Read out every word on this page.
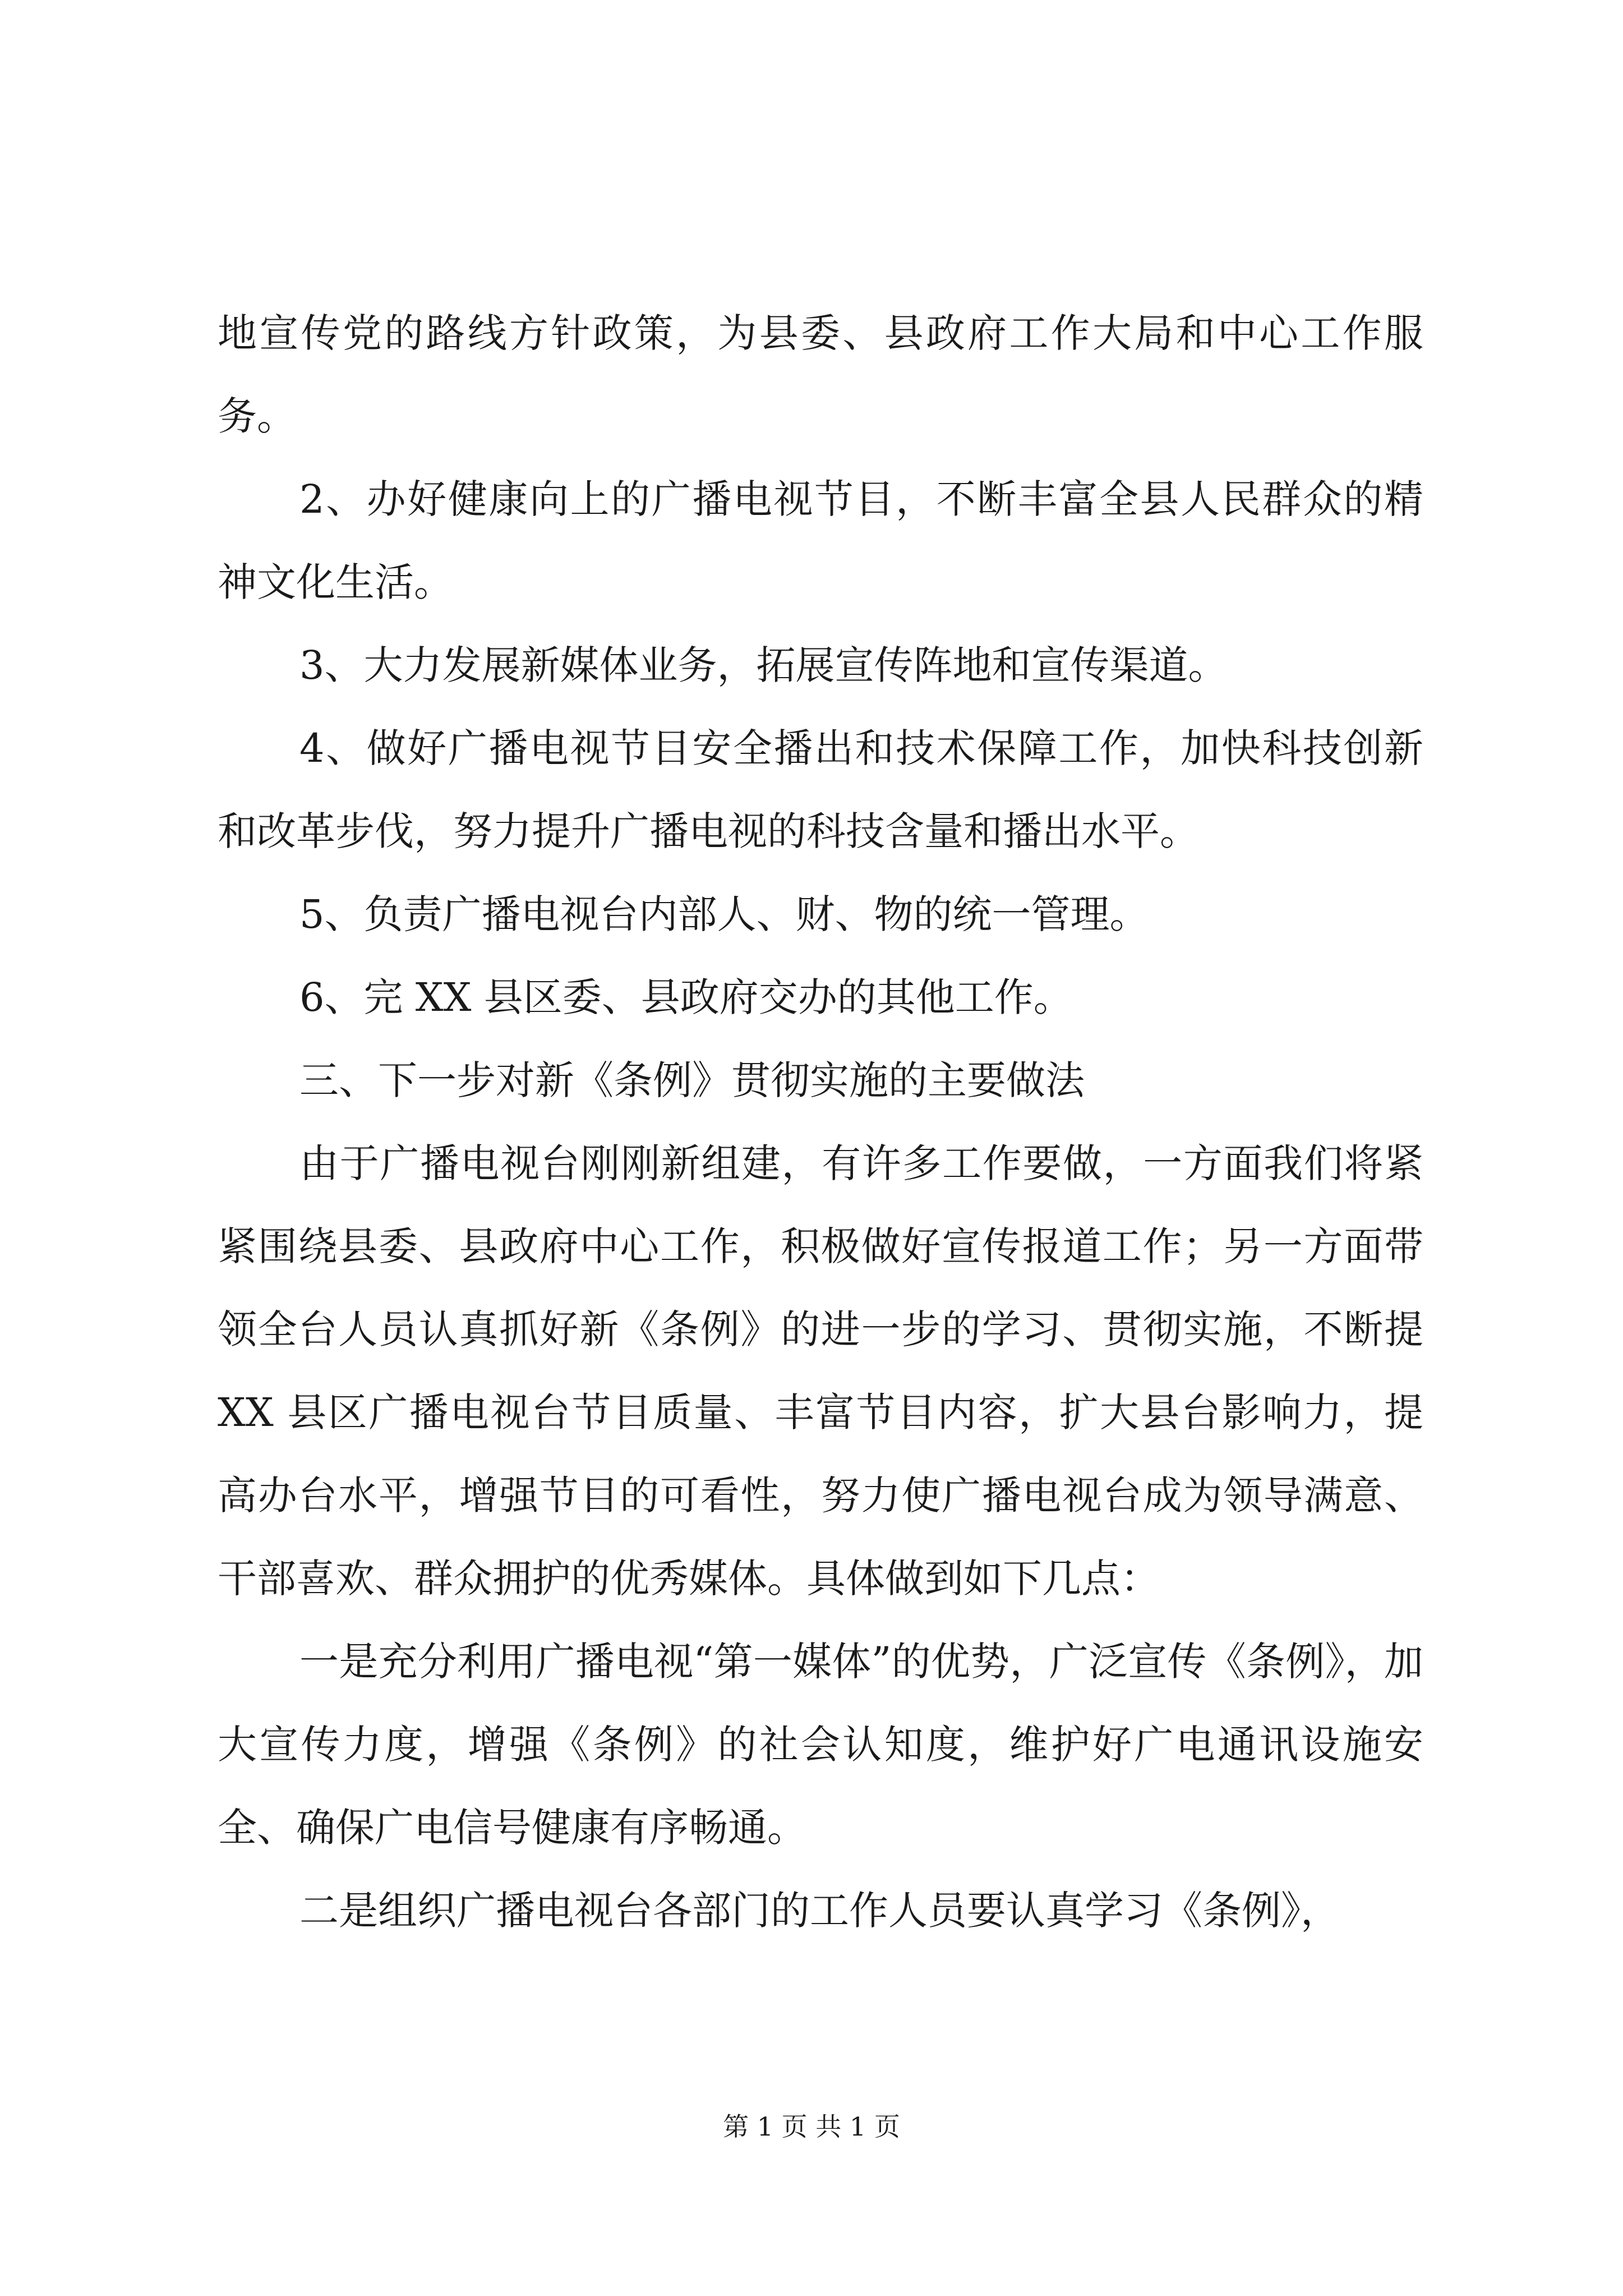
地宣传党的路线方针政策，为县委、县政府工作大局和中心工作服务。

2、办好健康向上的广播电视节目，不断丰富全县人民群众的精神文化生活。

3、大力发展新媒体业务，拓展宣传阵地和宣传渠道。

4、做好广播电视节目安全播出和技术保障工作，加快科技创新和改革步伐，努力提升广播电视的科技含量和播出水平。

5、负责广播电视台内部人、财、物的统一管理。

6、完 XX 县区委、县政府交办的其他工作。

三、下一步对新《条例》贯彻实施的主要做法

由于广播电视台刚刚新组建，有许多工作要做，一方面我们将紧紧围绕县委、县政府中心工作，积极做好宣传报道工作；另一方面带领全台人员认真抓好新《条例》的进一步的学习、贯彻实施，不断提 XX 县区广播电视台节目质量、丰富节目内容，扩大县台影响力，提高办台水平，增强节目的可看性，努力使广播电视台成为领导满意、干部喜欢、群众拥护的优秀媒体。具体做到如下几点：

一是充分利用广播电视“第一媒体”的优势，广泛宣传《条例》，加大宣传力度，增强《条例》的社会认知度，维护好广电通讯设施安全、确保广电信号健康有序畅通。

二是组织广播电视台各部门的工作人员要认真学习《条例》，

第 1 页 共 1 页
